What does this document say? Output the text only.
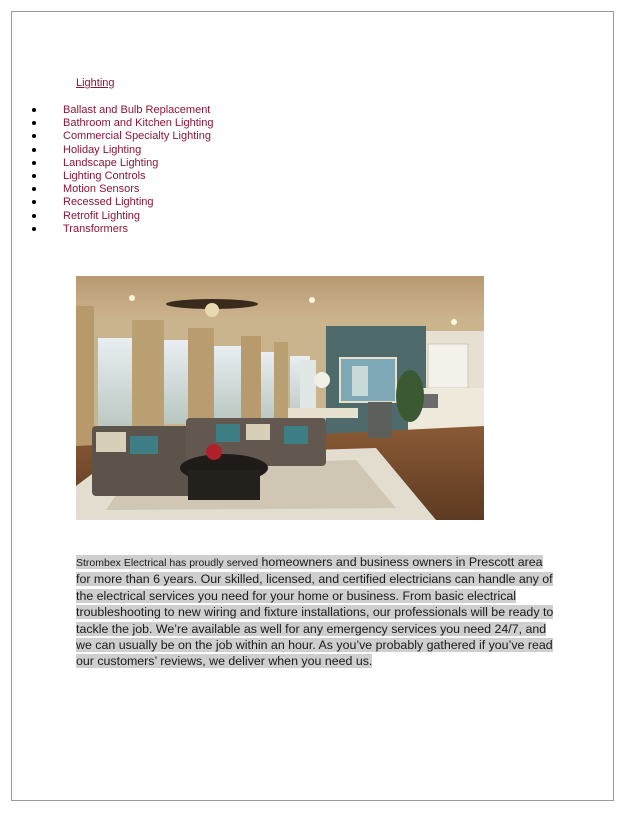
Lighting
Ballast and Bulb Replacement
Bathroom and Kitchen Lighting
Commercial Specialty Lighting
Holiday Lighting
Landscape Lighting
Lighting Controls
Motion Sensors
Recessed Lighting
Retrofit Lighting
Transformers

Strombex Electrical has proudly served homeowners and business owners in Prescott area for more than 6 years. Our skilled, licensed, and certified electricians can handle any of the electrical services you need for your home or business. From basic electrical troubleshooting to new wiring and fixture installations, our professionals will be ready to tackle the job. We’re available as well for any emergency services you need 24/7, and we can usually be on the job within an hour. As you’ve probably gathered if you’ve read our customers’ reviews, we deliver when you need us.
